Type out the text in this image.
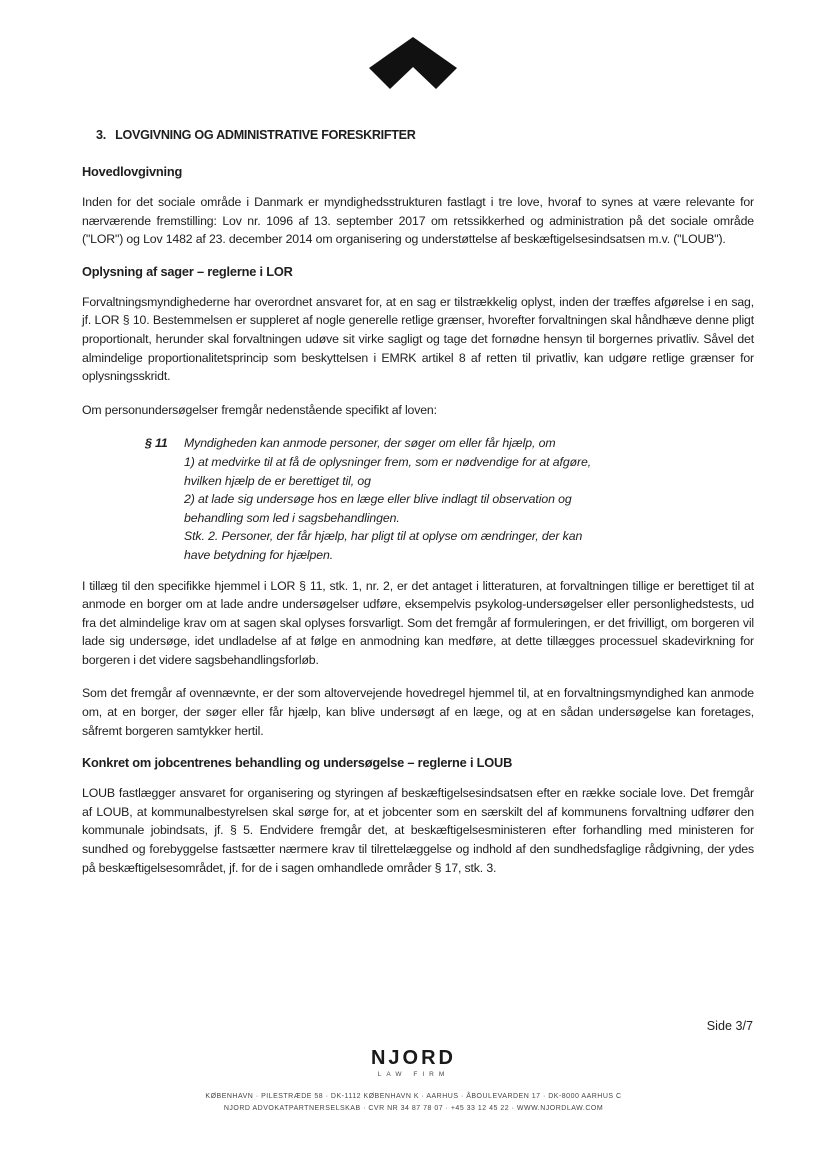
3. LOVGIVNING OG ADMINISTRATIVE FORESKRIFTER
Hovedlovgivning

Inden for det sociale område i Danmark er myndighedsstrukturen fastlagt i tre love, hvoraf to synes at være relevante for nærværende fremstilling: Lov nr. 1096 af 13. september 2017 om retssikkerhed og administration på det sociale område ("LOR") og Lov 1482 af 23. december 2014 om organisering og understøttelse af beskæftigelsesindsatsen m.v. ("LOUB").

Oplysning af sager – reglerne i LOR

Forvaltningsmyndighederne har overordnet ansvaret for, at en sag er tilstrækkelig oplyst, inden der træffes afgørelse i en sag, jf. LOR § 10. Bestemmelsen er suppleret af nogle generelle retlige grænser, hvorefter forvaltningen skal håndhæve denne pligt proportionalt, herunder skal forvaltningen udøve sit virke sagligt og tage det fornødne hensyn til borgernes privatliv. Såvel det almindelige proportionalitetsprincip som beskyttelsen i EMRK artikel 8 af retten til privatliv, kan udgøre retlige grænser for oplysningsskridt.

Om personundersøgelser fremgår nedenstående specifikt af loven:

§ 11	Myndigheden kan anmode personer, der søger om eller får hjælp, om
1) at medvirke til at få de oplysninger frem, som er nødvendige for at afgøre,
hvilken hjælp de er berettiget til, og
2) at lade sig undersøge hos en læge eller blive indlagt til observation og
behandling som led i sagsbehandlingen.
Stk. 2. Personer, der får hjælp, har pligt til at oplyse om ændringer, der kan
have betydning for hjælpen.

I tillæg til den specifikke hjemmel i LOR § 11, stk. 1, nr. 2, er det antaget i litteraturen, at forvaltningen tillige er berettiget til at anmode en borger om at lade andre undersøgelser udføre, eksempelvis psykolog-undersøgelser eller personlighedstests, ud fra det almindelige krav om at sagen skal oplyses forsvarligt. Som det fremgår af formuleringen, er det frivilligt, om borgeren vil lade sig undersøge, idet undladelse af at følge en anmodning kan medføre, at dette tillægges processuel skadevirkning for borgeren i det videre sagsbehandlingsforløb.

Som det fremgår af ovennævnte, er der som altovervejende hovedregel hjemmel til, at en forvaltningsmyndighed kan anmode om, at en borger, der søger eller får hjælp, kan blive undersøgt af en læge, og at en sådan undersøgelse kan foretages, såfremt borgeren samtykker hertil.

Konkret om jobcentrenes behandling og undersøgelse – reglerne i LOUB

LOUB fastlægger ansvaret for organisering og styringen af beskæftigelsesindsatsen efter en række sociale love. Det fremgår af LOUB, at kommunalbestyrelsen skal sørge for, at et jobcenter som en særskilt del af kommunens forvaltning udfører den kommunale jobindsats, jf. § 5. Endvidere fremgår det, at beskæftigelsesministeren efter forhandling med ministeren for sundhed og forebyggelse fastsætter nærmere krav til tilrettelæggelse og indhold af den sundhedsfaglige rådgivning, der ydes på beskæftigelsesområdet, jf. for de i sagen omhandlede områder § 17, stk. 3.

Side 3/7
NJORD
LAW FIRM
KØBENHAVN · PILESTRÆDE 58 · DK-1112 KØBENHAVN K · AARHUS · ÅBOULEVARDEN 17 · DK-8000 AARHUS C
NJORD ADVOKATPARTNERSELSKAB · CVR NR 34 87 78 07 · +45 33 12 45 22 · WWW.NJORDLAW.COM
